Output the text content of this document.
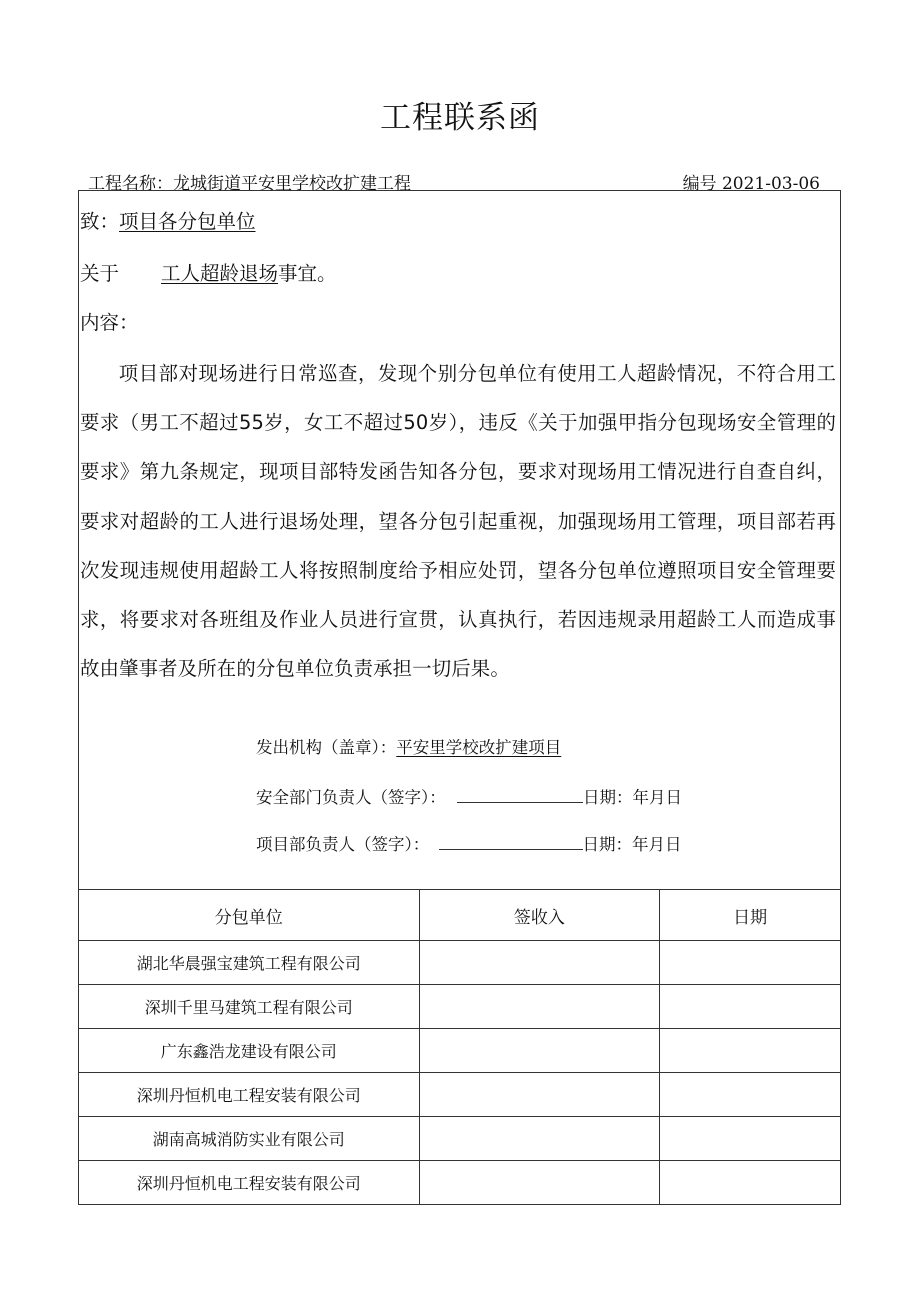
工程联系函
工程名称：龙城街道平安里学校改扩建工程	编号 2021-03-06
致：项目各分包单位
关于 工人超龄退场事宜。
内容：
项目部对现场进行日常巡查，发现个别分包单位有使用工人超龄情况，不符合用工要求（男工不超过55岁，女工不超过50岁），违反《关于加强甲指分包现场安全管理的要求》第九条规定，现项目部特发函告知各分包，要求对现场用工情况进行自查自纠，要求对超龄的工人进行退场处理，望各分包引起重视，加强现场用工管理，项目部若再次发现违规使用超龄工人将按照制度给予相应处罚，望各分包单位遵照项目安全管理要求，将要求对各班组及作业人员进行宣贯，认真执行，若因违规录用超龄工人而造成事故由肇事者及所在的分包单位负责承担一切后果。
发出机构（盖章）：平安里学校改扩建项目
安全部门负责人（签字）：	日期：年月日
项目部负责人（签字）：	日期：年月日
分包单位	签收入	日期
湖北华晨强宝建筑工程有限公司		
深圳千里马建筑工程有限公司		
广东鑫浩龙建设有限公司		
深圳丹恒机电工程安装有限公司		
湖南高城消防实业有限公司		
深圳丹恒机电工程安装有限公司		
